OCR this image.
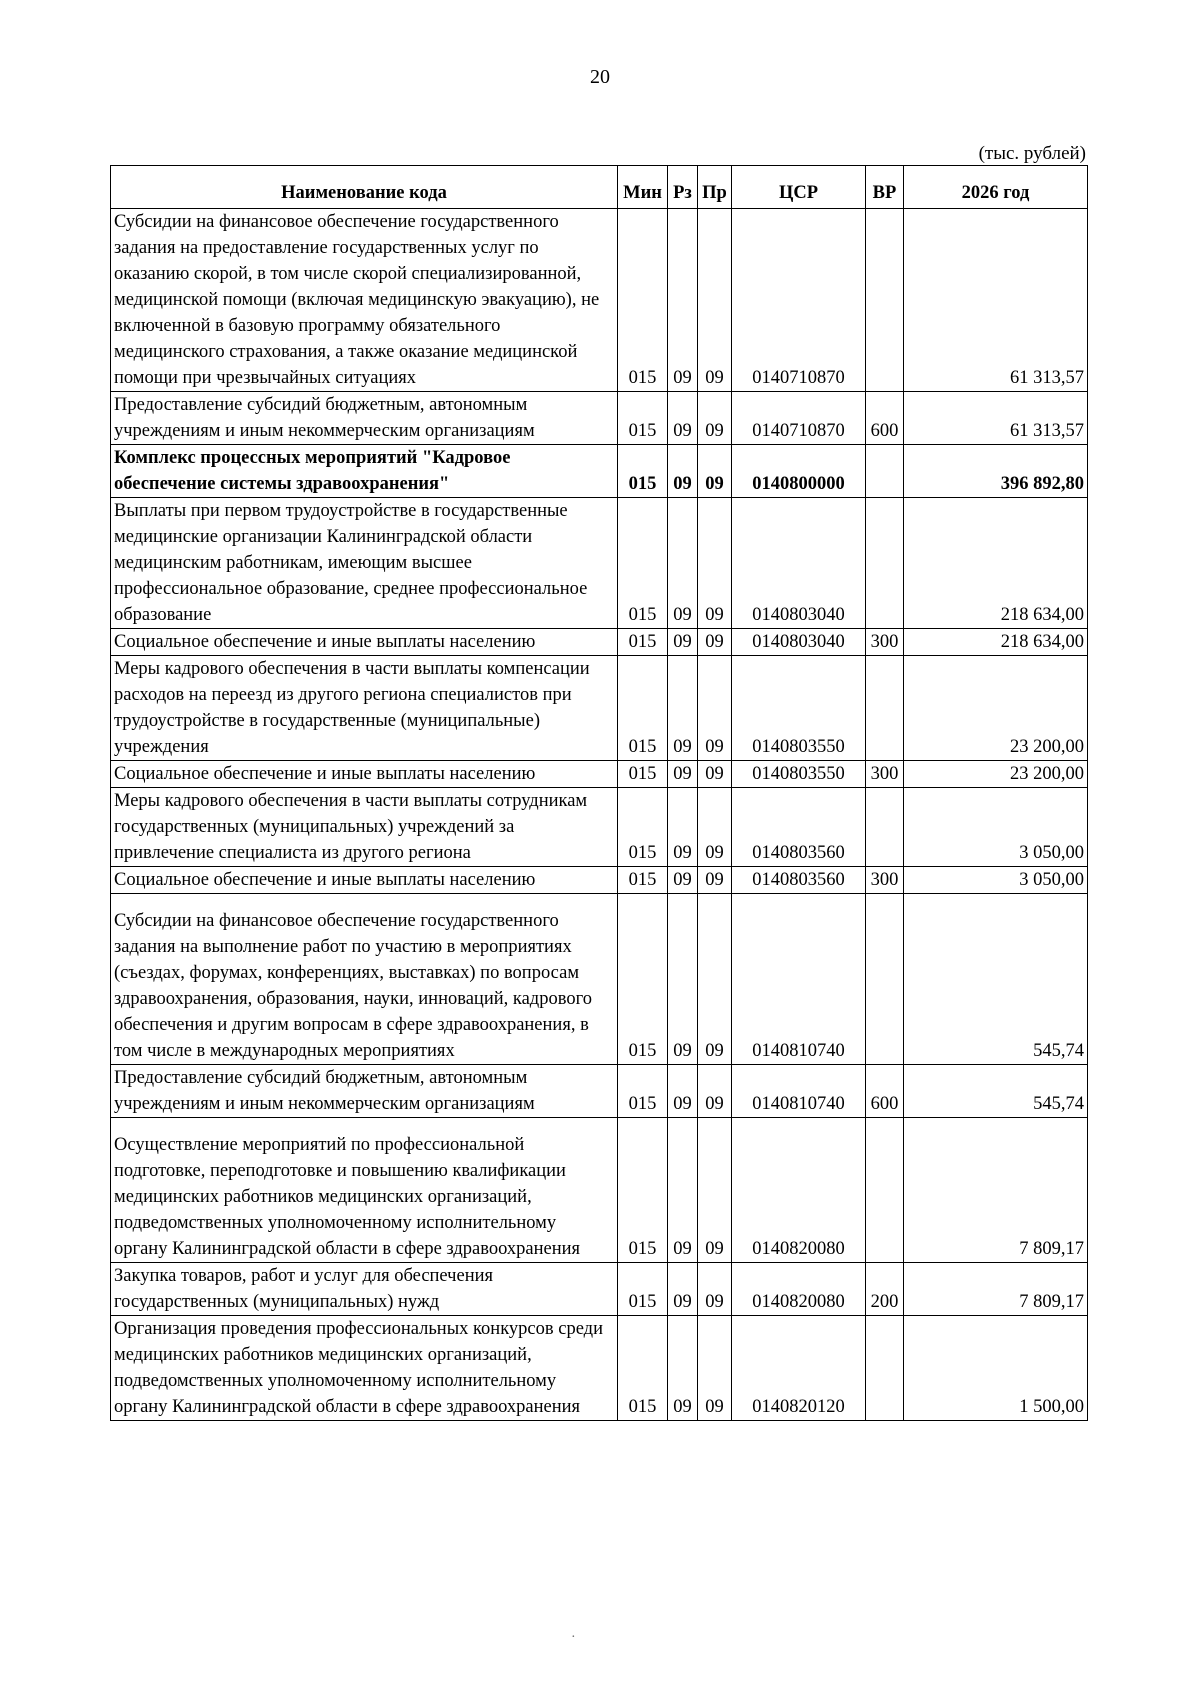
20
(тыс. рублей)
Наименование кода	Мин	Рз	Пр	ЦСР	ВР	2026 год
Субсидии на финансовое обеспечение государственного задания на предоставление государственных услуг по оказанию скорой, в том числе скорой специализированной, медицинской помощи (включая медицинскую эвакуацию), не включенной в базовую программу обязательного медицинского страхования, а также оказание медицинской помощи при чрезвычайных ситуациях	015	09	09	0140710870		61 313,57
Предоставление субсидий бюджетным, автономным учреждениям и иным некоммерческим организациям	015	09	09	0140710870	600	61 313,57
Комплекс процессных мероприятий "Кадровое обеспечение системы здравоохранения"	015	09	09	0140800000		396 892,80
Выплаты при первом трудоустройстве в государственные медицинские организации Калининградской области медицинским работникам, имеющим высшее профессиональное образование, среднее профессиональное образование	015	09	09	0140803040		218 634,00
Социальное обеспечение и иные выплаты населению	015	09	09	0140803040	300	218 634,00
Меры кадрового обеспечения в части выплаты компенсации расходов на переезд из другого региона специалистов при трудоустройстве в государственные (муниципальные) учреждения	015	09	09	0140803550		23 200,00
Социальное обеспечение и иные выплаты населению	015	09	09	0140803550	300	23 200,00
Меры кадрового обеспечения в части выплаты сотрудникам государственных (муниципальных) учреждений за привлечение специалиста из другого региона	015	09	09	0140803560		3 050,00
Социальное обеспечение и иные выплаты населению	015	09	09	0140803560	300	3 050,00
Субсидии на финансовое обеспечение государственного задания на выполнение работ по участию в мероприятиях (съездах, форумах, конференциях, выставках) по вопросам здравоохранения, образования, науки, инноваций, кадрового обеспечения и другим вопросам в сфере здравоохранения, в том числе в международных мероприятиях	015	09	09	0140810740		545,74
Предоставление субсидий бюджетным, автономным учреждениям и иным некоммерческим организациям	015	09	09	0140810740	600	545,74
Осуществление мероприятий по профессиональной подготовке, переподготовке и повышению квалификации медицинских работников медицинских организаций, подведомственных уполномоченному исполнительному органу Калининградской области в сфере здравоохранения	015	09	09	0140820080		7 809,17
Закупка товаров, работ и услуг для обеспечения государственных (муниципальных) нужд	015	09	09	0140820080	200	7 809,17
Организация проведения профессиональных конкурсов среди медицинских работников медицинских организаций, подведомственных уполномоченному исполнительному органу Калининградской области в сфере здравоохранения	015	09	09	0140820120		1 500,00
·
